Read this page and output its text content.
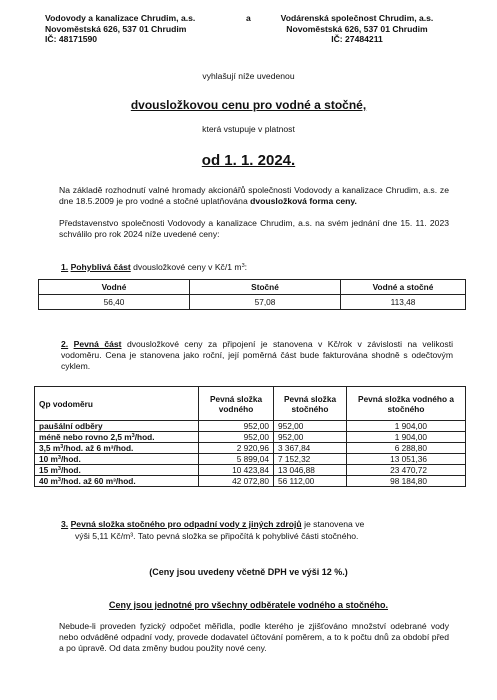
Vodovody a kanalizace Chrudim, a.s.
Novoměstská 626, 537 01 Chrudim
IČ: 48171590
a	Vodárenská společnost Chrudim, a.s.
Novoměstská 626, 537 01 Chrudim
IČ: 27484211
vyhlašují níže uvedenou
dvousložkovou cenu pro vodné a stočné,
která vstupuje v platnost
od 1. 1. 2024.
Na základě rozhodnutí valné hromady akcionářů společnosti Vodovody a kanalizace Chrudim, a.s. ze dne 18.5.2009 je pro vodné a stočné uplatňována dvousložková forma ceny.
Představenstvo společnosti Vodovody a kanalizace Chrudim, a.s. na svém jednání dne 15. 11. 2023 schválilo pro rok 2024 níže uvedené ceny:
1. Pohyblivá část dvousložkové ceny v Kč/1 $m^3$:
Vodné	Stočné	Vodné a stočné
56,40	57,08	113,48
2. Pevná část dvousložkové ceny za připojení je stanovena v Kč/rok v závislosti na velikosti vodoměru. Cena je stanovena jako roční, její poměrná část bude fakturována shodně s odečtovým cyklem.
Qp vodoměru	Pevná složka vodného	Pevná složka stočného	Pevná složka vodného a stočného
paušální odběry	952,00	952,00	1 904,00
méně nebo rovno 2,5 $m^3$/hod.	952,00	952,00	1 904,00
3,5 $m^3$/hod. až 6 m³/hod.	2 920,96	3 367,84	6 288,80
10 $m^3$/hod.	5 899,04	7 152,32	13 051,36
15 $m^3$/hod.	10 423,84	13 046,88	23 470,72
40 $m^3$/hod. až 60 m³/hod.	42 072,80	56 112,00	98 184,80
3. Pevná složka stočného pro odpadní vody z jiných zdrojů je stanovena ve
výši 5,11 Kč/m³. Tato pevná složka se připočítá k pohyblivé části stočného.
(Ceny jsou uvedeny včetně DPH ve výši 12 %.)
Ceny jsou jednotné pro všechny odběratele vodného a stočného.
Nebude-li proveden fyzický odpočet měřidla, podle kterého je zjišťováno množství odebrané vody nebo odváděné odpadní vody, provede dodavatel účtování poměrem, a to k počtu dnů za období před a po úpravě. Od data změny budou použity nové ceny.
